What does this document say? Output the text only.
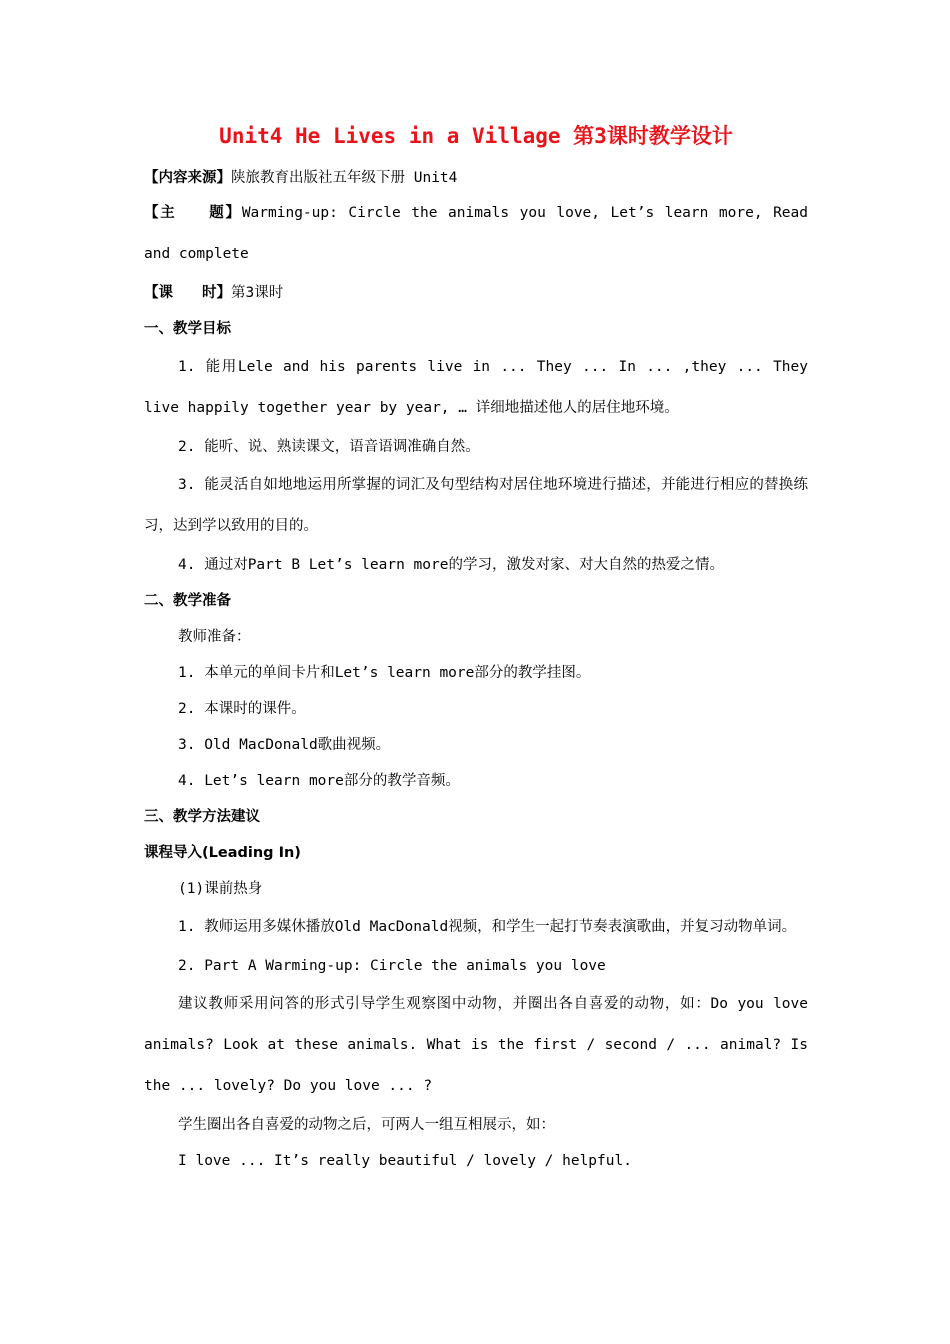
Unit4 He Lives in a Village 第3课时教学设计
【内容来源】陕旅教育出版社五年级下册 Unit4
【主　　题】Warming-up: Circle the animals you love, Let’s learn more, Read and complete
【课　　时】第3课时
一、教学目标
1. 能用Lele and his parents live in ... They ... In ... ,they ... They live happily together year by year, … 详细地描述他人的居住地环境。
2. 能听、说、熟读课文，语音语调准确自然。
3. 能灵活自如地地运用所掌握的词汇及句型结构对居住地环境进行描述，并能进行相应的替换练习，达到学以致用的目的。
4. 通过对Part B Let’s learn more的学习，激发对家、对大自然的热爱之情。
二、教学准备
教师准备：
1. 本单元的单间卡片和Let’s learn more部分的教学挂图。
2. 本课时的课件。
3. Old MacDonald歌曲视频。
4. Let’s learn more部分的教学音频。
三、教学方法建议
课程导入(Leading In)
(1)课前热身
1. 教师运用多媒休播放Old MacDonald视频，和学生一起打节奏表演歌曲，并复习动物单词。
2. Part A Warming-up: Circle the animals you love
建议教师采用问答的形式引导学生观察图中动物，并圈出各自喜爱的动物，如：Do you love animals? Look at these animals. What is the first / second / ... animal? Is the ... lovely? Do you love ... ?
学生圈出各自喜爱的动物之后，可两人一组互相展示，如：
I love ... It’s really beautiful / lovely / helpful.
